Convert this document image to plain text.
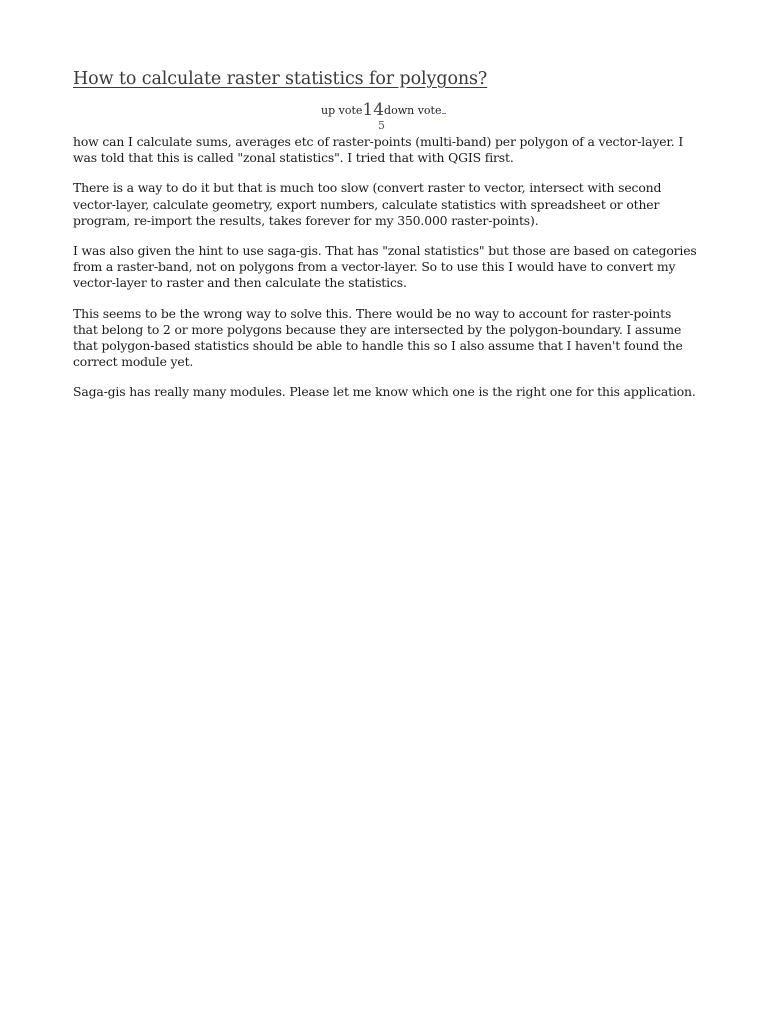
How to calculate raster statistics for polygons?
up vote14down vote
5

how can I calculate sums, averages etc of raster-points (multi-band) per polygon of a vector-layer. I was told that this is called "zonal statistics". I tried that with QGIS first.

There is a way to do it but that is much too slow (convert raster to vector, intersect with second vector-layer, calculate geometry, export numbers, calculate statistics with spreadsheet or other program, re-import the results, takes forever for my 350.000 raster-points).

I was also given the hint to use saga-gis. That has "zonal statistics" but those are based on categories from a raster-band, not on polygons from a vector-layer. So to use this I would have to convert my vector-layer to raster and then calculate the statistics.

This seems to be the wrong way to solve this. There would be no way to account for raster-points that belong to 2 or more polygons because they are intersected by the polygon-boundary. I assume that polygon-based statistics should be able to handle this so I also assume that I haven't found the correct module yet.

Saga-gis has really many modules. Please let me know which one is the right one for this application.
